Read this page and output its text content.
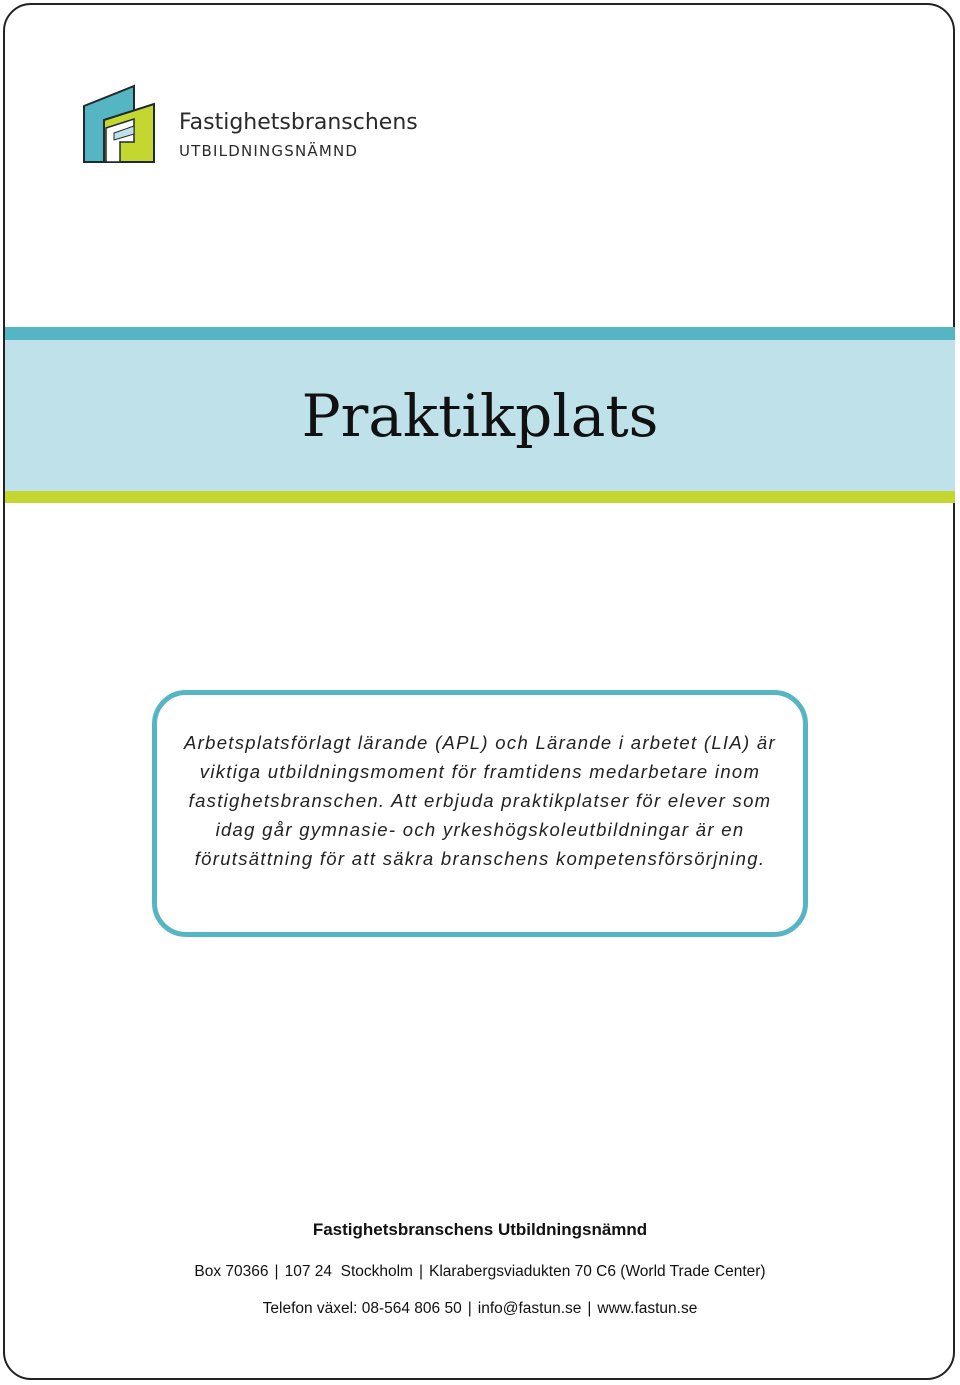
Fastighetsbranschens
UTBILDNINGSNÄMND
Praktikplats

Arbetsplatsförlagt lärande (APL) och Lärande i arbetet (LIA) är viktiga utbildningsmoment för framtidens medarbetare inom fastighetsbranschen. Att erbjuda praktikplatser för elever som idag går gymnasie- och yrkeshögskoleutbildningar är en förutsättning för att säkra branschens kompetensförsörjning.

Fastighetsbranschens Utbildningsnämnd
Box 70366 | 107 24  Stockholm | Klarabergsviadukten 70 C6 (World Trade Center)
Telefon växel: 08-564 806 50 | info@fastun.se | www.fastun.se
